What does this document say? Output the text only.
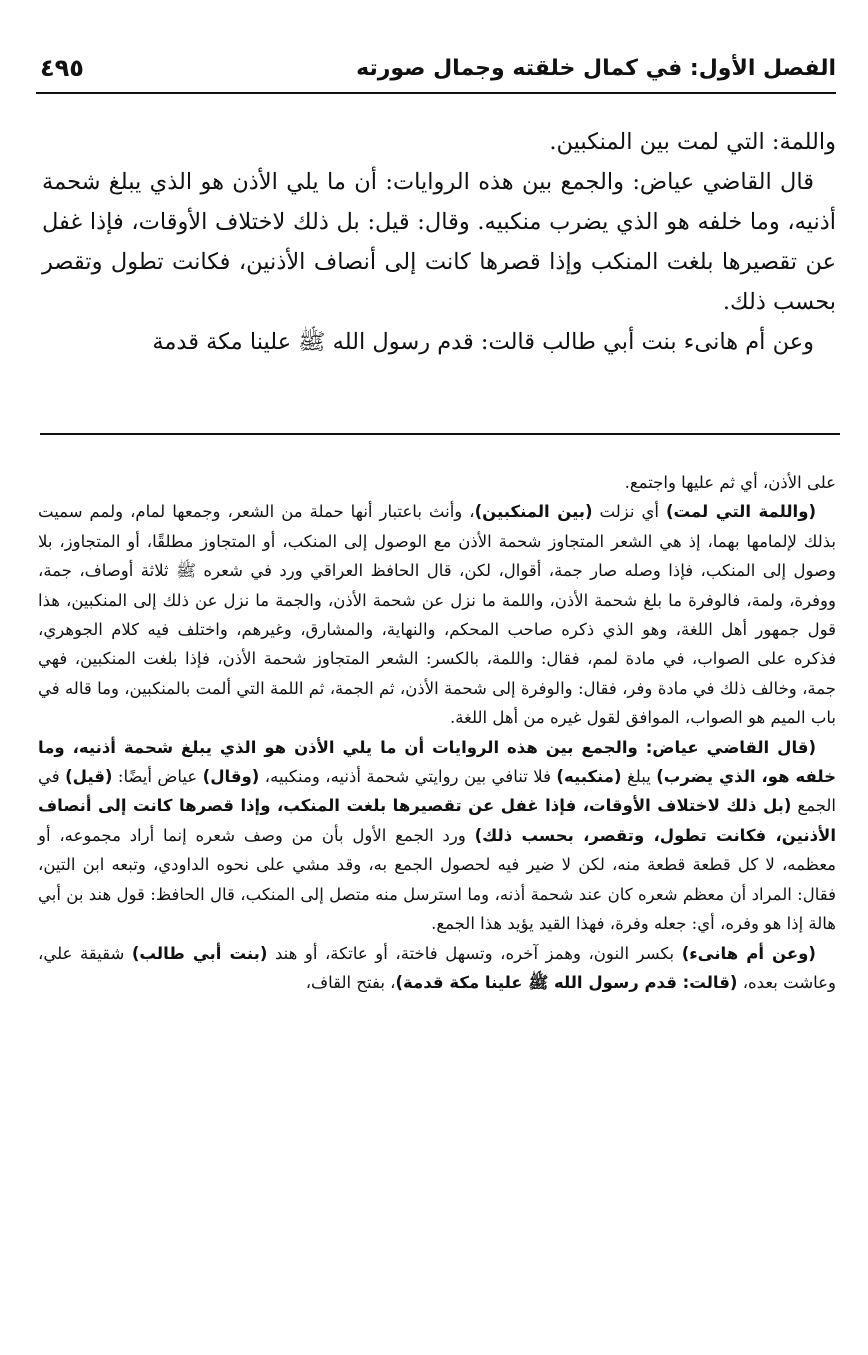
الفصل الأول: في كمال خلقته وجمال صورته
٤٩٥

واللمة: التي لمت بين المنكبين.

قال القاضي عياض: والجمع بين هذه الروايات: أن ما يلي الأذن هو الذي يبلغ شحمة أذنيه، وما خلفه هو الذي يضرب منكبيه. وقال: قيل: بل ذلك لاختلاف الأوقات، فإذا غفل عن تقصيرها بلغت المنكب وإذا قصرها كانت إلى أنصاف الأذنين، فكانت تطول وتقصر بحسب ذلك.

وعن أم هانىء بنت أبي طالب قالت: قدم رسول الله ﷺ علينا مكة قدمة

على الأذن، أي ثم عليها واجتمع.

(واللمة التي لمت) أي نزلت (بين المنكبين)، وأنث باعتبار أنها حملة من الشعر، وجمعها لمام، ولمم سميت بذلك لإلمامها بهما، إذ هي الشعر المتجاوز شحمة الأذن مع الوصول إلى المنكب، أو المتجاوز مطلقًا، أو المتجاوز، بلا وصول إلى المنكب، فإذا وصله صار جمة، أقوال، لكن، قال الحافظ العراقي ورد في شعره ﷺ ثلاثة أوصاف، جمة، ووفرة، ولمة، فالوفرة ما بلغ شحمة الأذن، واللمة ما نزل عن شحمة الأذن، والجمة ما نزل عن ذلك إلى المنكبين، هذا قول جمهور أهل اللغة، وهو الذي ذكره صاحب المحكم، والنهاية، والمشارق، وغيرهم، واختلف فيه كلام الجوهري، فذكره على الصواب، في مادة لمم، فقال: واللمة، بالكسر: الشعر المتجاوز شحمة الأذن، فإذا بلغت المنكبين، فهي جمة، وخالف ذلك في مادة وفر، فقال: والوفرة إلى شحمة الأذن، ثم الجمة، ثم اللمة التي ألمت بالمنكبين، وما قاله في باب الميم هو الصواب، الموافق لقول غيره من أهل اللغة.

(قال القاضي عياض: والجمع بين هذه الروايات أن ما يلي الأذن هو الذي يبلغ شحمة أذنيه، وما خلفه هو، الذي يضرب) يبلغ (منكبيه) فلا تنافي بين روايتي شحمة أذنيه، ومنكبيه، (وقال) عياض أيضًا: (قيل) في الجمع (بل ذلك لاختلاف الأوقات، فإذا غفل عن تقصيرها بلغت المنكب، وإذا قصرها كانت إلى أنصاف الأذنين، فكانت تطول، وتقصر، بحسب ذلك) ورد الجمع الأول بأن من وصف شعره إنما أراد مجموعه، أو معظمه، لا كل قطعة قطعة منه، لكن لا ضير فيه لحصول الجمع به، وقد مشي على نحوه الداودي، وتبعه ابن التين، فقال: المراد أن معظم شعره كان عند شحمة أذنه، وما استرسل منه متصل إلى المنكب، قال الحافظ: قول هند بن أبي هالة إذا هو وفره، أي: جعله وفرة، فهذا القيد يؤيد هذا الجمع.

(وعن أم هانىء) بكسر النون، وهمز آخره، وتسهل فاختة، أو عاتكة، أو هند (بنت أبي طالب) شقيقة علي، وعاشت بعده، (قالت: قدم رسول الله ﷺ علينا مكة قدمة)، بفتح القاف،
